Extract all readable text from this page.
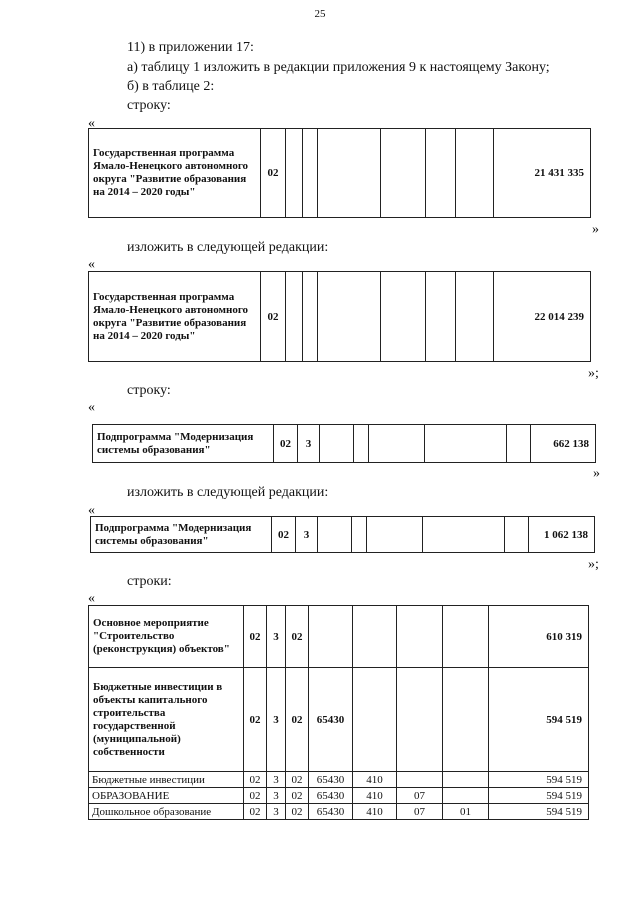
25
11) в приложении 17:
а) таблицу 1 изложить в редакции приложения 9 к настоящему Закону;
б) в таблице 2:
строку:
«
Государственная программа Ямало-Ненецкого автономного округа "Развитие образования на 2014 – 2020 годы"	02							21 431 335
»
изложить в следующей редакции:
«
Государственная программа Ямало-Ненецкого автономного округа "Развитие образования на 2014 – 2020 годы"	02							22 014 239
»;
строку:
«
Подпрограмма "Модернизация системы образования"	02	3						662 138
»
изложить в следующей редакции:
«
Подпрограмма "Модернизация системы образования"	02	3						1 062 138
»;
строки:
«
Основное мероприятие "Строительство (реконструкция) объектов"	02	3	02					610 319
Бюджетные инвестиции в объекты капитального строительства государственной (муниципальной) собственности	02	3	02	65430				594 519
Бюджетные инвестиции	02	3	02	65430	410			594 519
ОБРАЗОВАНИЕ	02	3	02	65430	410	07		594 519
Дошкольное образование	02	3	02	65430	410	07	01	594 519
